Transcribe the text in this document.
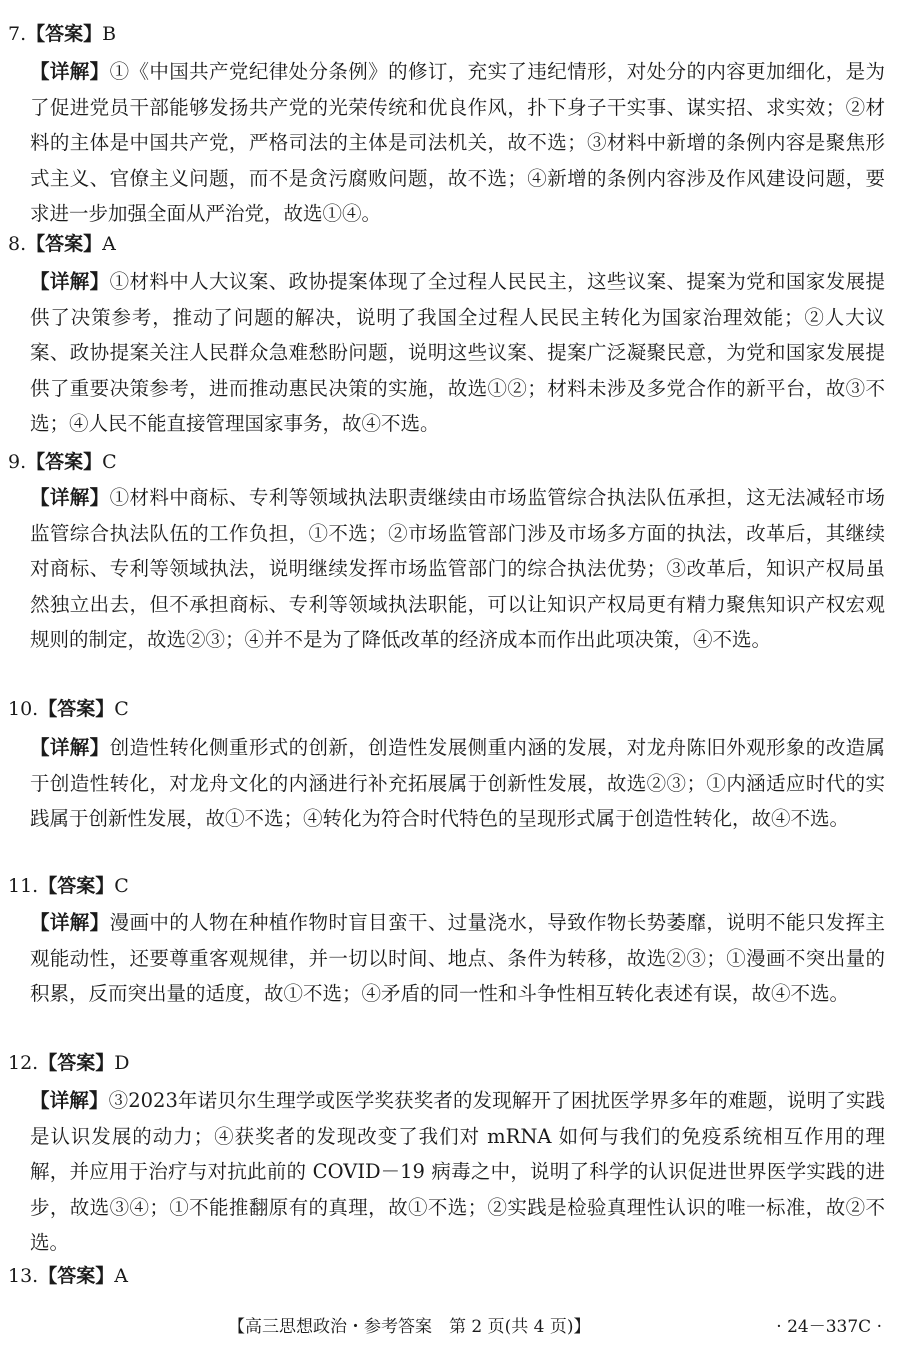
7.【答案】B
【详解】①《中国共产党纪律处分条例》的修订，充实了违纪情形，对处分的内容更加细化，是为了促进党员干部能够发扬共产党的光荣传统和优良作风，扑下身子干实事、谋实招、求实效；②材料的主体是中国共产党，严格司法的主体是司法机关，故不选；③材料中新增的条例内容是聚焦形式主义、官僚主义问题，而不是贪污腐败问题，故不选；④新增的条例内容涉及作风建设问题，要求进一步加强全面从严治党，故选①④。
8.【答案】A
【详解】①材料中人大议案、政协提案体现了全过程人民民主，这些议案、提案为党和国家发展提供了决策参考，推动了问题的解决，说明了我国全过程人民民主转化为国家治理效能；②人大议案、政协提案关注人民群众急难愁盼问题，说明这些议案、提案广泛凝聚民意，为党和国家发展提供了重要决策参考，进而推动惠民决策的实施，故选①②；材料未涉及多党合作的新平台，故③不选；④人民不能直接管理国家事务，故④不选。
9.【答案】C
【详解】①材料中商标、专利等领域执法职责继续由市场监管综合执法队伍承担，这无法减轻市场监管综合执法队伍的工作负担，①不选；②市场监管部门涉及市场多方面的执法，改革后，其继续对商标、专利等领域执法，说明继续发挥市场监管部门的综合执法优势；③改革后，知识产权局虽然独立出去，但不承担商标、专利等领域执法职能，可以让知识产权局更有精力聚焦知识产权宏观规则的制定，故选②③；④并不是为了降低改革的经济成本而作出此项决策，④不选。
10.【答案】C
【详解】创造性转化侧重形式的创新，创造性发展侧重内涵的发展，对龙舟陈旧外观形象的改造属于创造性转化，对龙舟文化的内涵进行补充拓展属于创新性发展，故选②③；①内涵适应时代的实践属于创新性发展，故①不选；④转化为符合时代特色的呈现形式属于创造性转化，故④不选。
11.【答案】C
【详解】漫画中的人物在种植作物时盲目蛮干、过量浇水，导致作物长势萎靡，说明不能只发挥主观能动性，还要尊重客观规律，并一切以时间、地点、条件为转移，故选②③；①漫画不突出量的积累，反而突出量的适度，故①不选；④矛盾的同一性和斗争性相互转化表述有误，故④不选。
12.【答案】D
【详解】③2023年诺贝尔生理学或医学奖获奖者的发现解开了困扰医学界多年的难题，说明了实践是认识发展的动力；④获奖者的发现改变了我们对 mRNA 如何与我们的免疫系统相互作用的理解，并应用于治疗与对抗此前的 COVID－19 病毒之中，说明了科学的认识促进世界医学实践的进步，故选③④；①不能推翻原有的真理，故①不选；②实践是检验真理性认识的唯一标准，故②不选。
13.【答案】A
【高三思想政治・参考答案　第 2 页(共 4 页)】	· 24－337C ·
